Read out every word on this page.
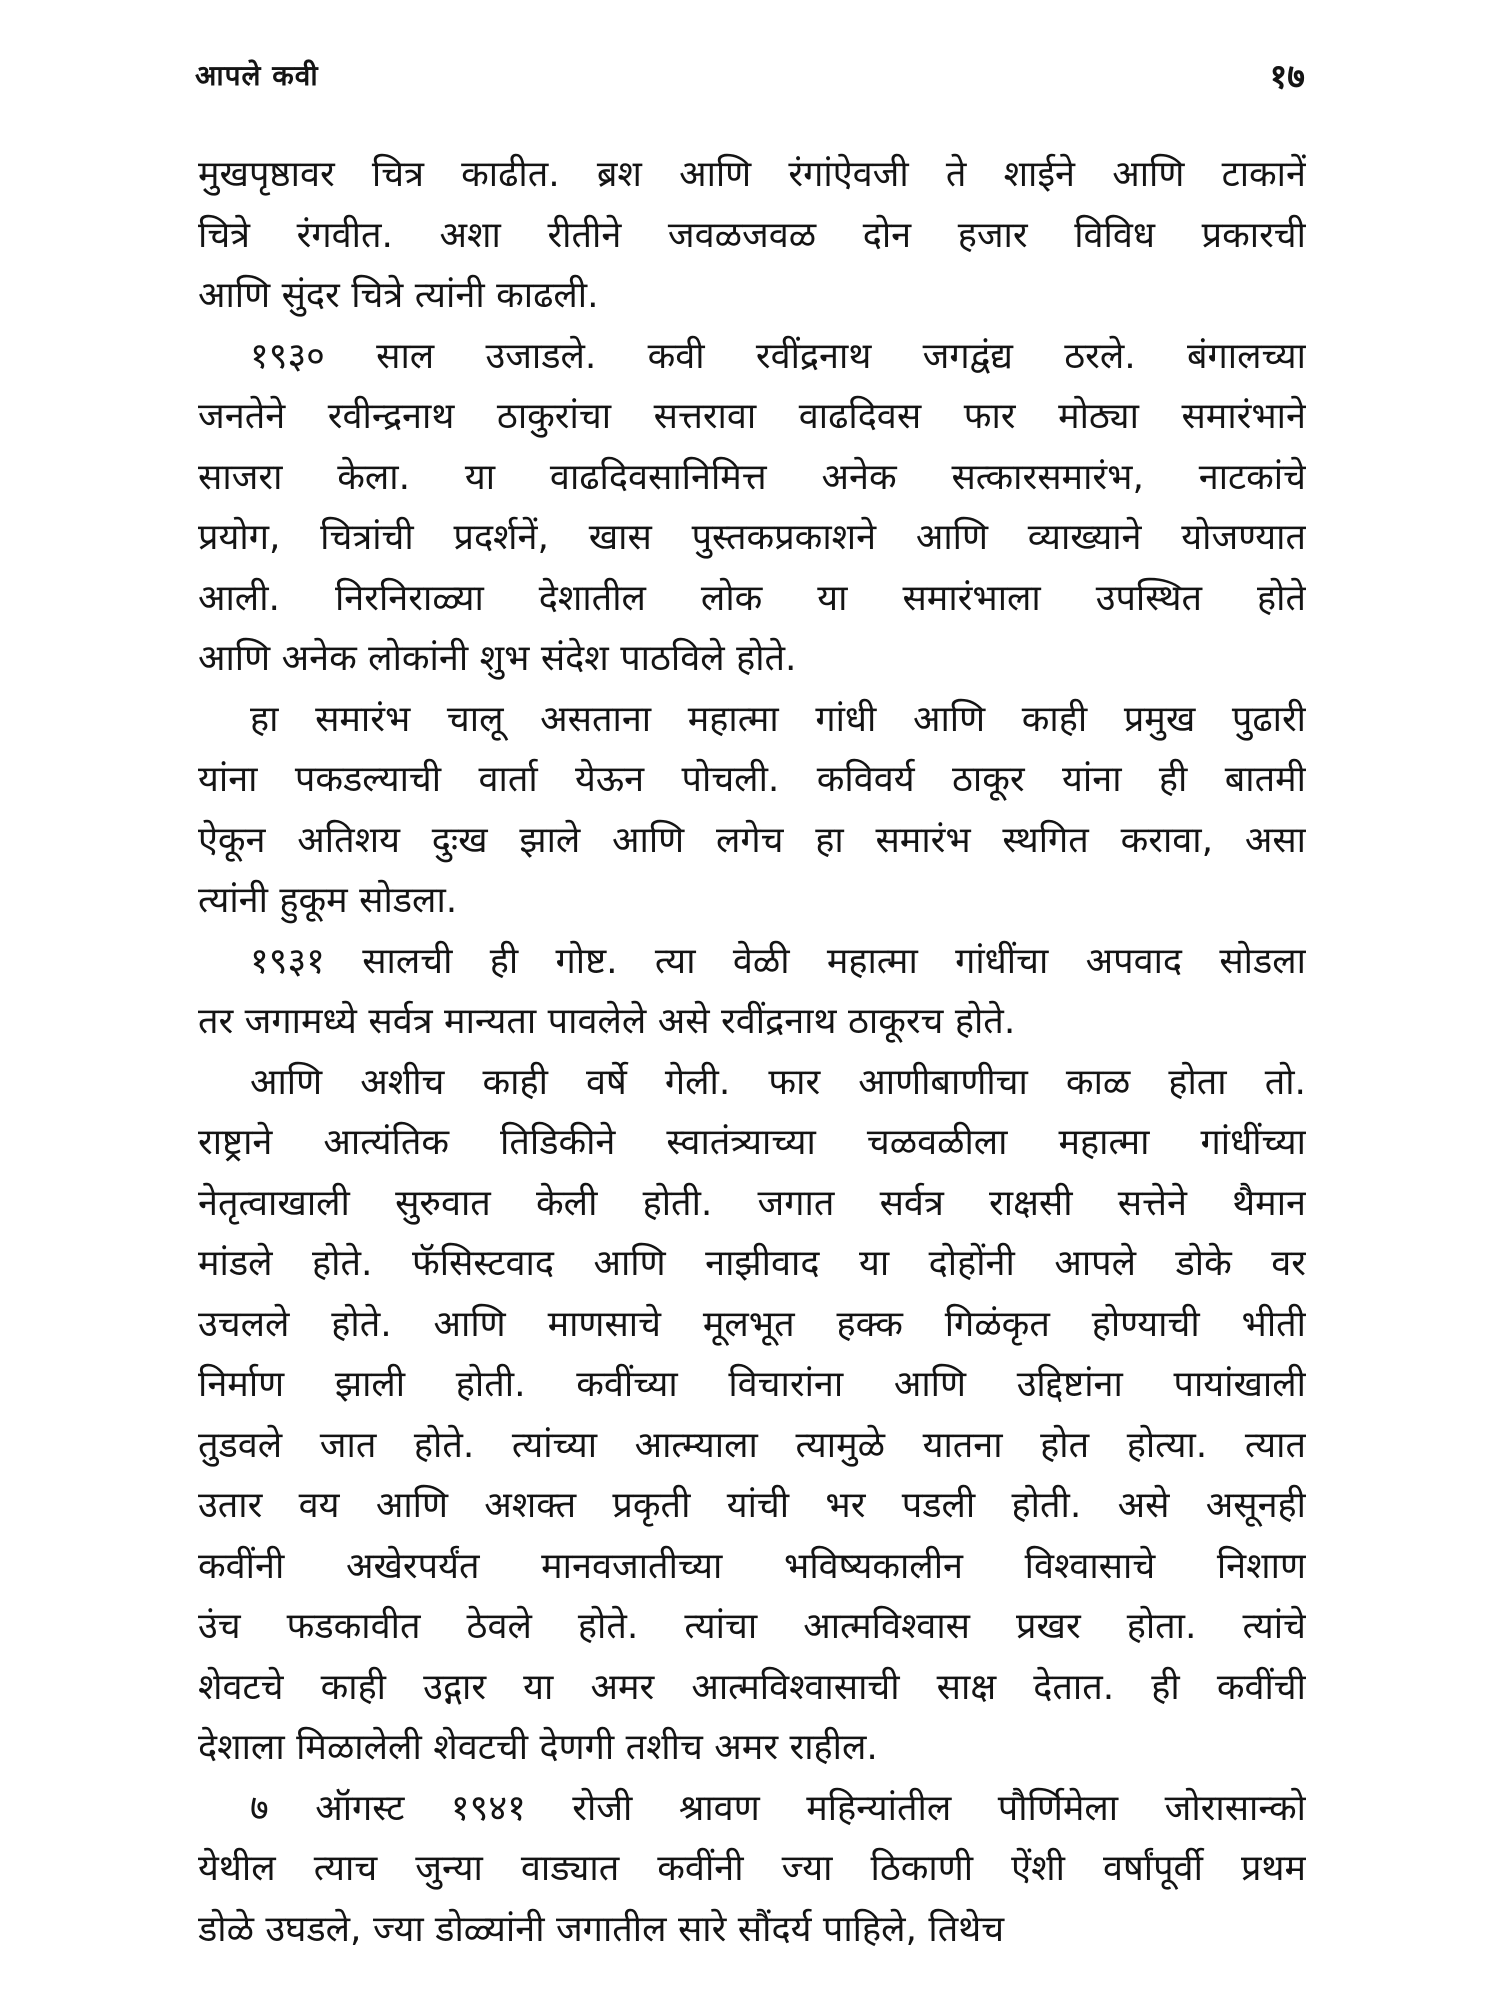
आपले कवी	१७
मुखपृष्ठावर चित्र काढीत. ब्रश आणि रंगांऐवजी ते शाईने आणि टाकानें
चित्रे रंगवीत. अशा रीतीने जवळजवळ दोन हजार विविध प्रकारची
आणि सुंदर चित्रे त्यांनी काढली.
१९३० साल उजाडले. कवी रवींद्रनाथ जगद्वंद्य ठरले. बंगालच्या
जनतेने रवीन्द्रनाथ ठाकुरांचा सत्तरावा वाढदिवस फार मोठ्या समारंभाने
साजरा केला. या वाढदिवसानिमित्त अनेक सत्कारसमारंभ, नाटकांचे
प्रयोग, चित्रांची प्रदर्शनें, खास पुस्तकप्रकाशने आणि व्याख्याने योजण्यात
आली. निरनिराळ्या देशातील लोक या समारंभाला उपस्थित होते
आणि अनेक लोकांनी शुभ संदेश पाठविले होते.
हा समारंभ चालू असताना महात्मा गांधी आणि काही प्रमुख पुढारी
यांना पकडल्याची वार्ता येऊन पोचली. कविवर्य ठाकूर यांना ही बातमी
ऐकून अतिशय दुःख झाले आणि लगेच हा समारंभ स्थगित करावा, असा
त्यांनी हुकूम सोडला.
१९३१ सालची ही गोष्ट. त्या वेळी महात्मा गांधींचा अपवाद सोडला
तर जगामध्ये सर्वत्र मान्यता पावलेले असे रवींद्रनाथ ठाकूरच होते.
आणि अशीच काही वर्षे गेली. फार आणीबाणीचा काळ होता तो.
राष्ट्राने आत्यंतिक तिडिकीने स्वातंत्र्याच्या चळवळीला महात्मा गांधींच्या
नेतृत्वाखाली सुरुवात केली होती. जगात सर्वत्र राक्षसी सत्तेने थैमान
मांडले होते. फॅसिस्टवाद आणि नाझीवाद या दोहोंनी आपले डोके वर
उचलले होते. आणि माणसाचे मूलभूत हक्क गिळंकृत होण्याची भीती
निर्माण झाली होती. कवींच्या विचारांना आणि उद्दिष्टांना पायांखाली
तुडवले जात होते. त्यांच्या आत्म्याला त्यामुळे यातना होत होत्या. त्यात
उतार वय आणि अशक्त प्रकृती यांची भर पडली होती. असे असूनही
कवींनी अखेरपर्यंत मानवजातीच्या भविष्यकालीन विश्वासाचे निशाण
उंच फडकावीत ठेवले होते. त्यांचा आत्मविश्वास प्रखर होता. त्यांचे
शेवटचे काही उद्गार या अमर आत्मविश्वासाची साक्ष देतात. ही कवींची
देशाला मिळालेली शेवटची देणगी तशीच अमर राहील.
७ ऑगस्ट १९४१ रोजी श्रावण महिन्यांतील पौर्णिमेला जोरासान्को
येथील त्याच जुन्या वाड्यात कवींनी ज्या ठिकाणी ऐंशी वर्षांपूर्वी प्रथम
डोळे उघडले, ज्या डोळ्यांनी जगातील सारे सौंदर्य पाहिले, तिथेच
